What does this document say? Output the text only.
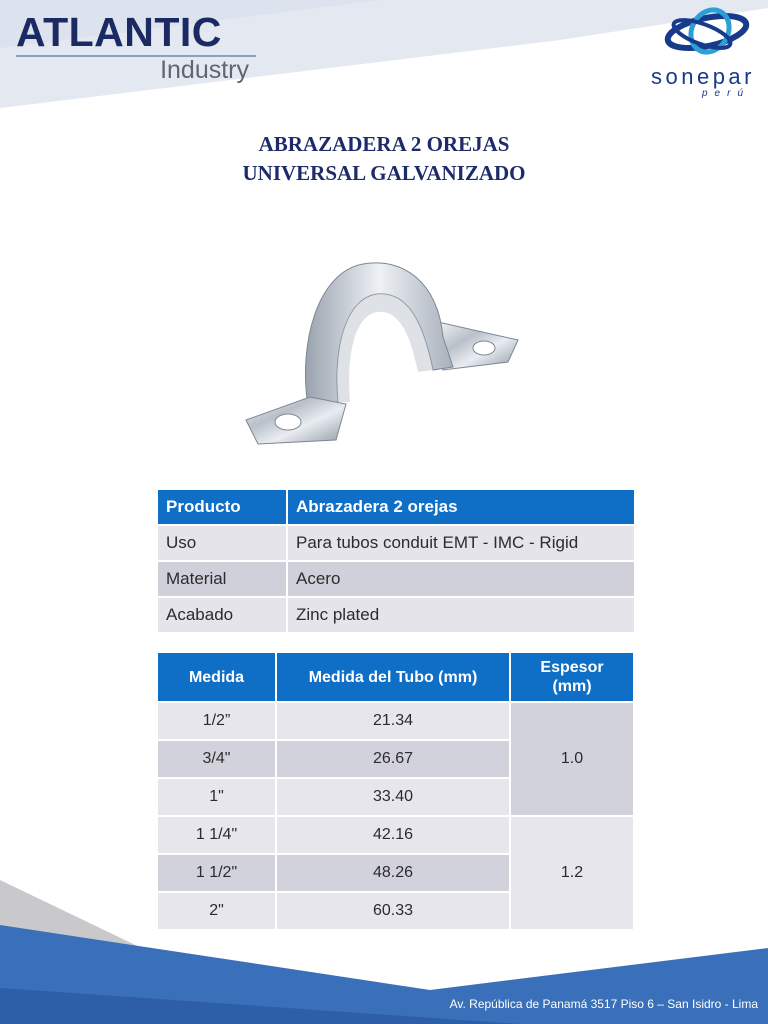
ATLANTIC
Industry	sonepar
perú
ABRAZADERA 2 OREJAS
UNIVERSAL GALVANIZADO
Producto	Abrazadera 2 orejas
Uso	Para tubos conduit EMT - IMC - Rigid
Material	Acero
Acabado	Zinc plated
Medida	Medida del Tubo (mm)	Espesor
(mm)

1/2”	21.34	1.0
3/4"	26.67	
1"	33.40	
1 1/4"	42.16	1.2
1 1/2"	48.26	
2"	60.33	
Av. República de Panamá 3517 Piso 6 – San Isidro - Lima
